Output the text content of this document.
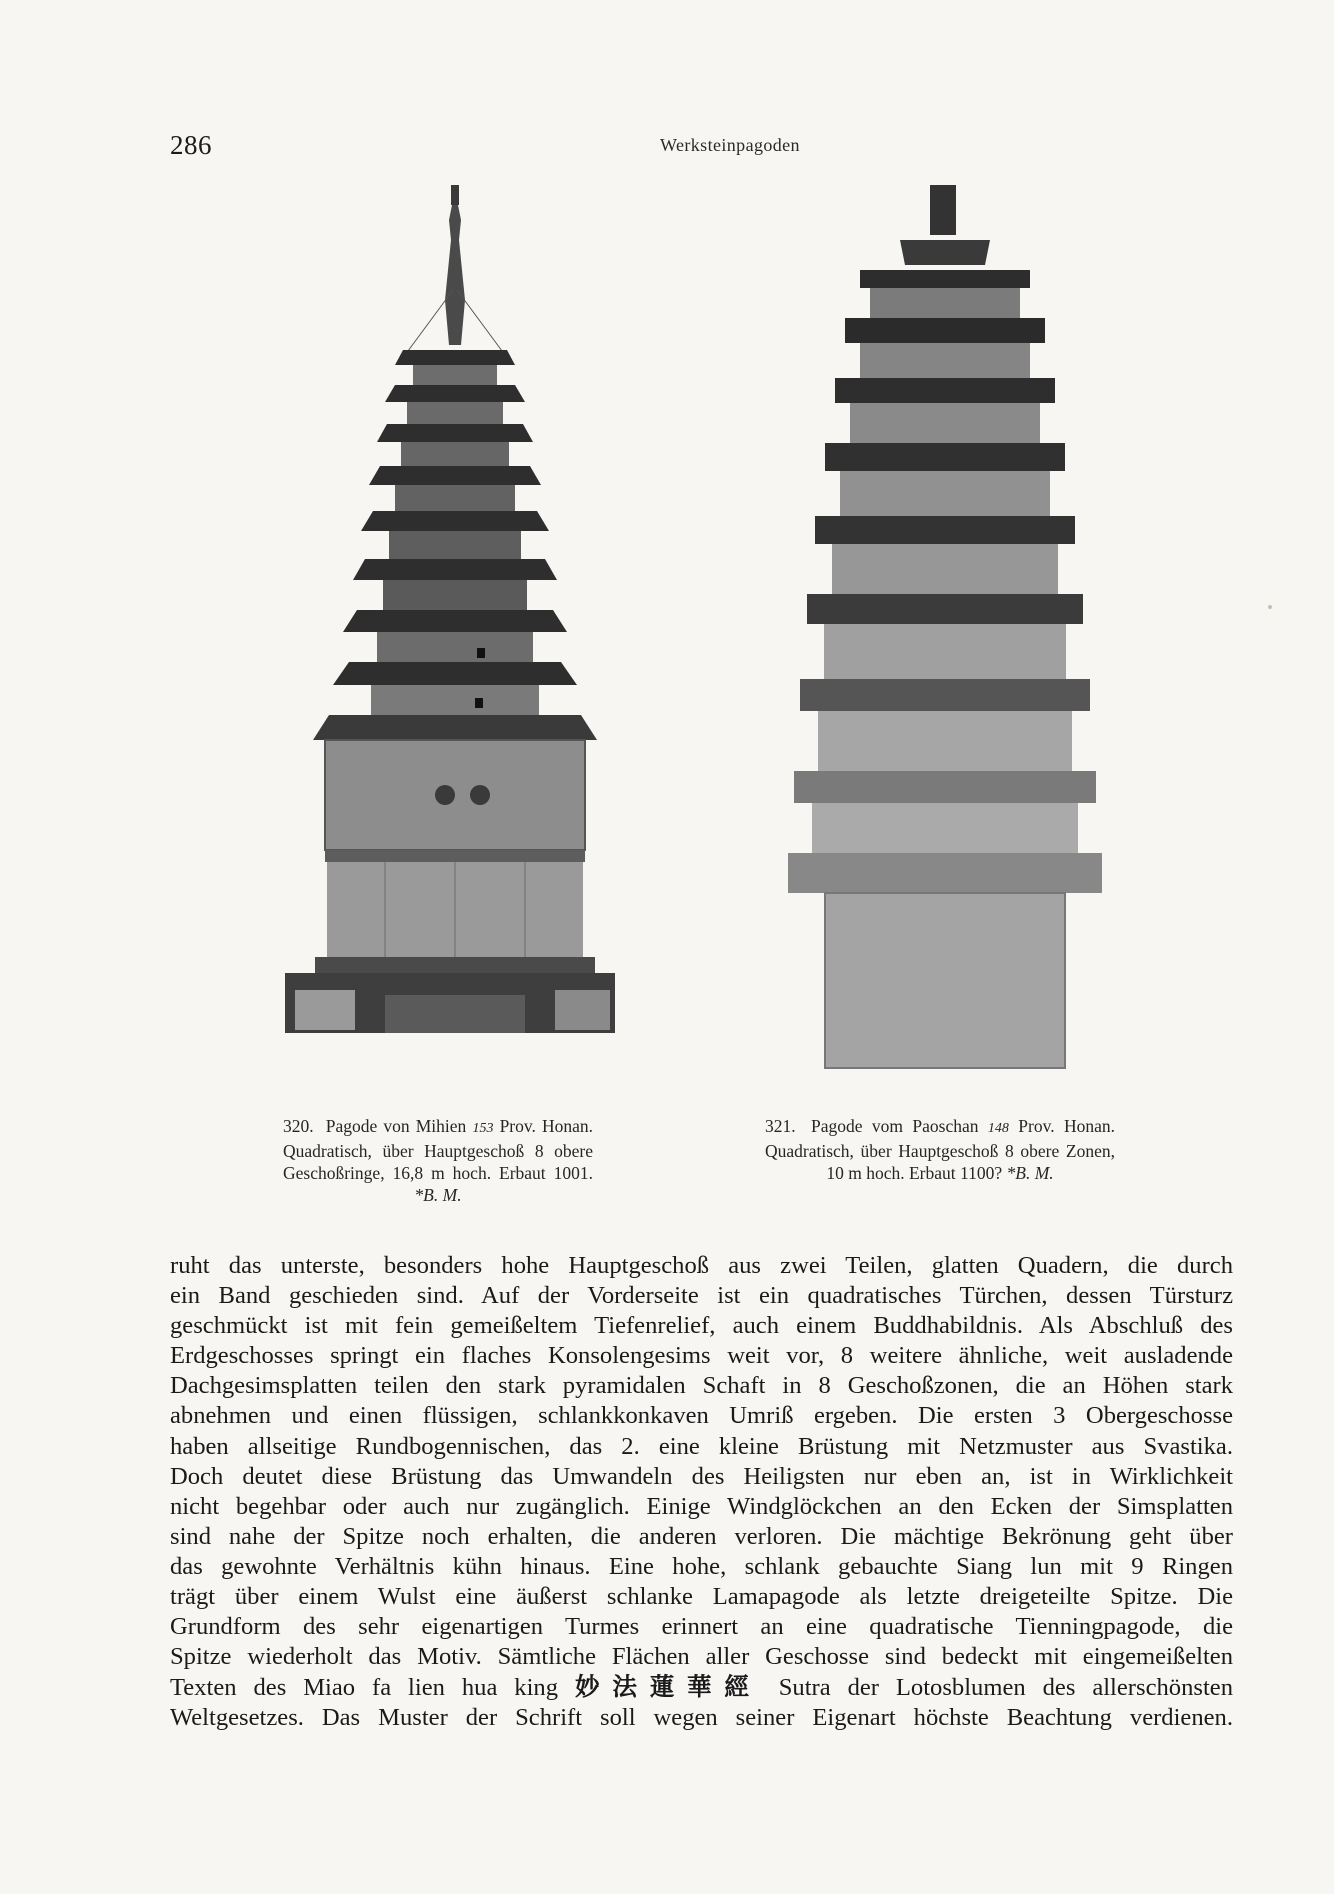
286	Werksteinpagoden
320. Pagode von Mihien 153 Prov. Honan. Quadratisch, über Hauptgeschoß 8 obere Geschoßringe, 16,8 m hoch. Erbaut 1001. *B. M.
321. Pagode vom Paoschan 148 Prov. Honan. Quadratisch, über Hauptgeschoß 8 obere Zonen, 10 m hoch. Erbaut 1100? *B. M.
ruht das unterste, besonders hohe Hauptgeschoß aus zwei Teilen, glatten Quadern, die durch
ein Band geschieden sind. Auf der Vorderseite ist ein quadratisches Türchen, dessen Türsturz
geschmückt ist mit fein gemeißeltem Tiefenrelief, auch einem Buddhabildnis. Als Abschluß des
Erdgeschosses springt ein flaches Konsolengesims weit vor, 8 weitere ähnliche, weit ausladende
Dachgesimsplatten teilen den stark pyramidalen Schaft in 8 Geschoßzonen, die an Höhen stark
abnehmen und einen flüssigen, schlankkonkaven Umriß ergeben. Die ersten 3 Obergeschosse
haben allseitige Rundbogennischen, das 2. eine kleine Brüstung mit Netzmuster aus Svastika.
Doch deutet diese Brüstung das Umwandeln des Heiligsten nur eben an, ist in Wirklichkeit
nicht begehbar oder auch nur zugänglich. Einige Windglöckchen an den Ecken der Simsplatten
sind nahe der Spitze noch erhalten, die anderen verloren. Die mächtige Bekrönung geht über
das gewohnte Verhältnis kühn hinaus. Eine hohe, schlank gebauchte Siang lun mit 9 Ringen
trägt über einem Wulst eine äußerst schlanke Lamapagode als letzte dreigeteilte Spitze. Die
Grundform des sehr eigenartigen Turmes erinnert an eine quadratische Tienningpagode, die
Spitze wiederholt das Motiv. Sämtliche Flächen aller Geschosse sind bedeckt mit eingemeißelten
Texten des Miao fa lien hua king 妙法蓮華經 Sutra der Lotosblumen des allerschönsten
Weltgesetzes. Das Muster der Schrift soll wegen seiner Eigenart höchste Beachtung verdienen.
